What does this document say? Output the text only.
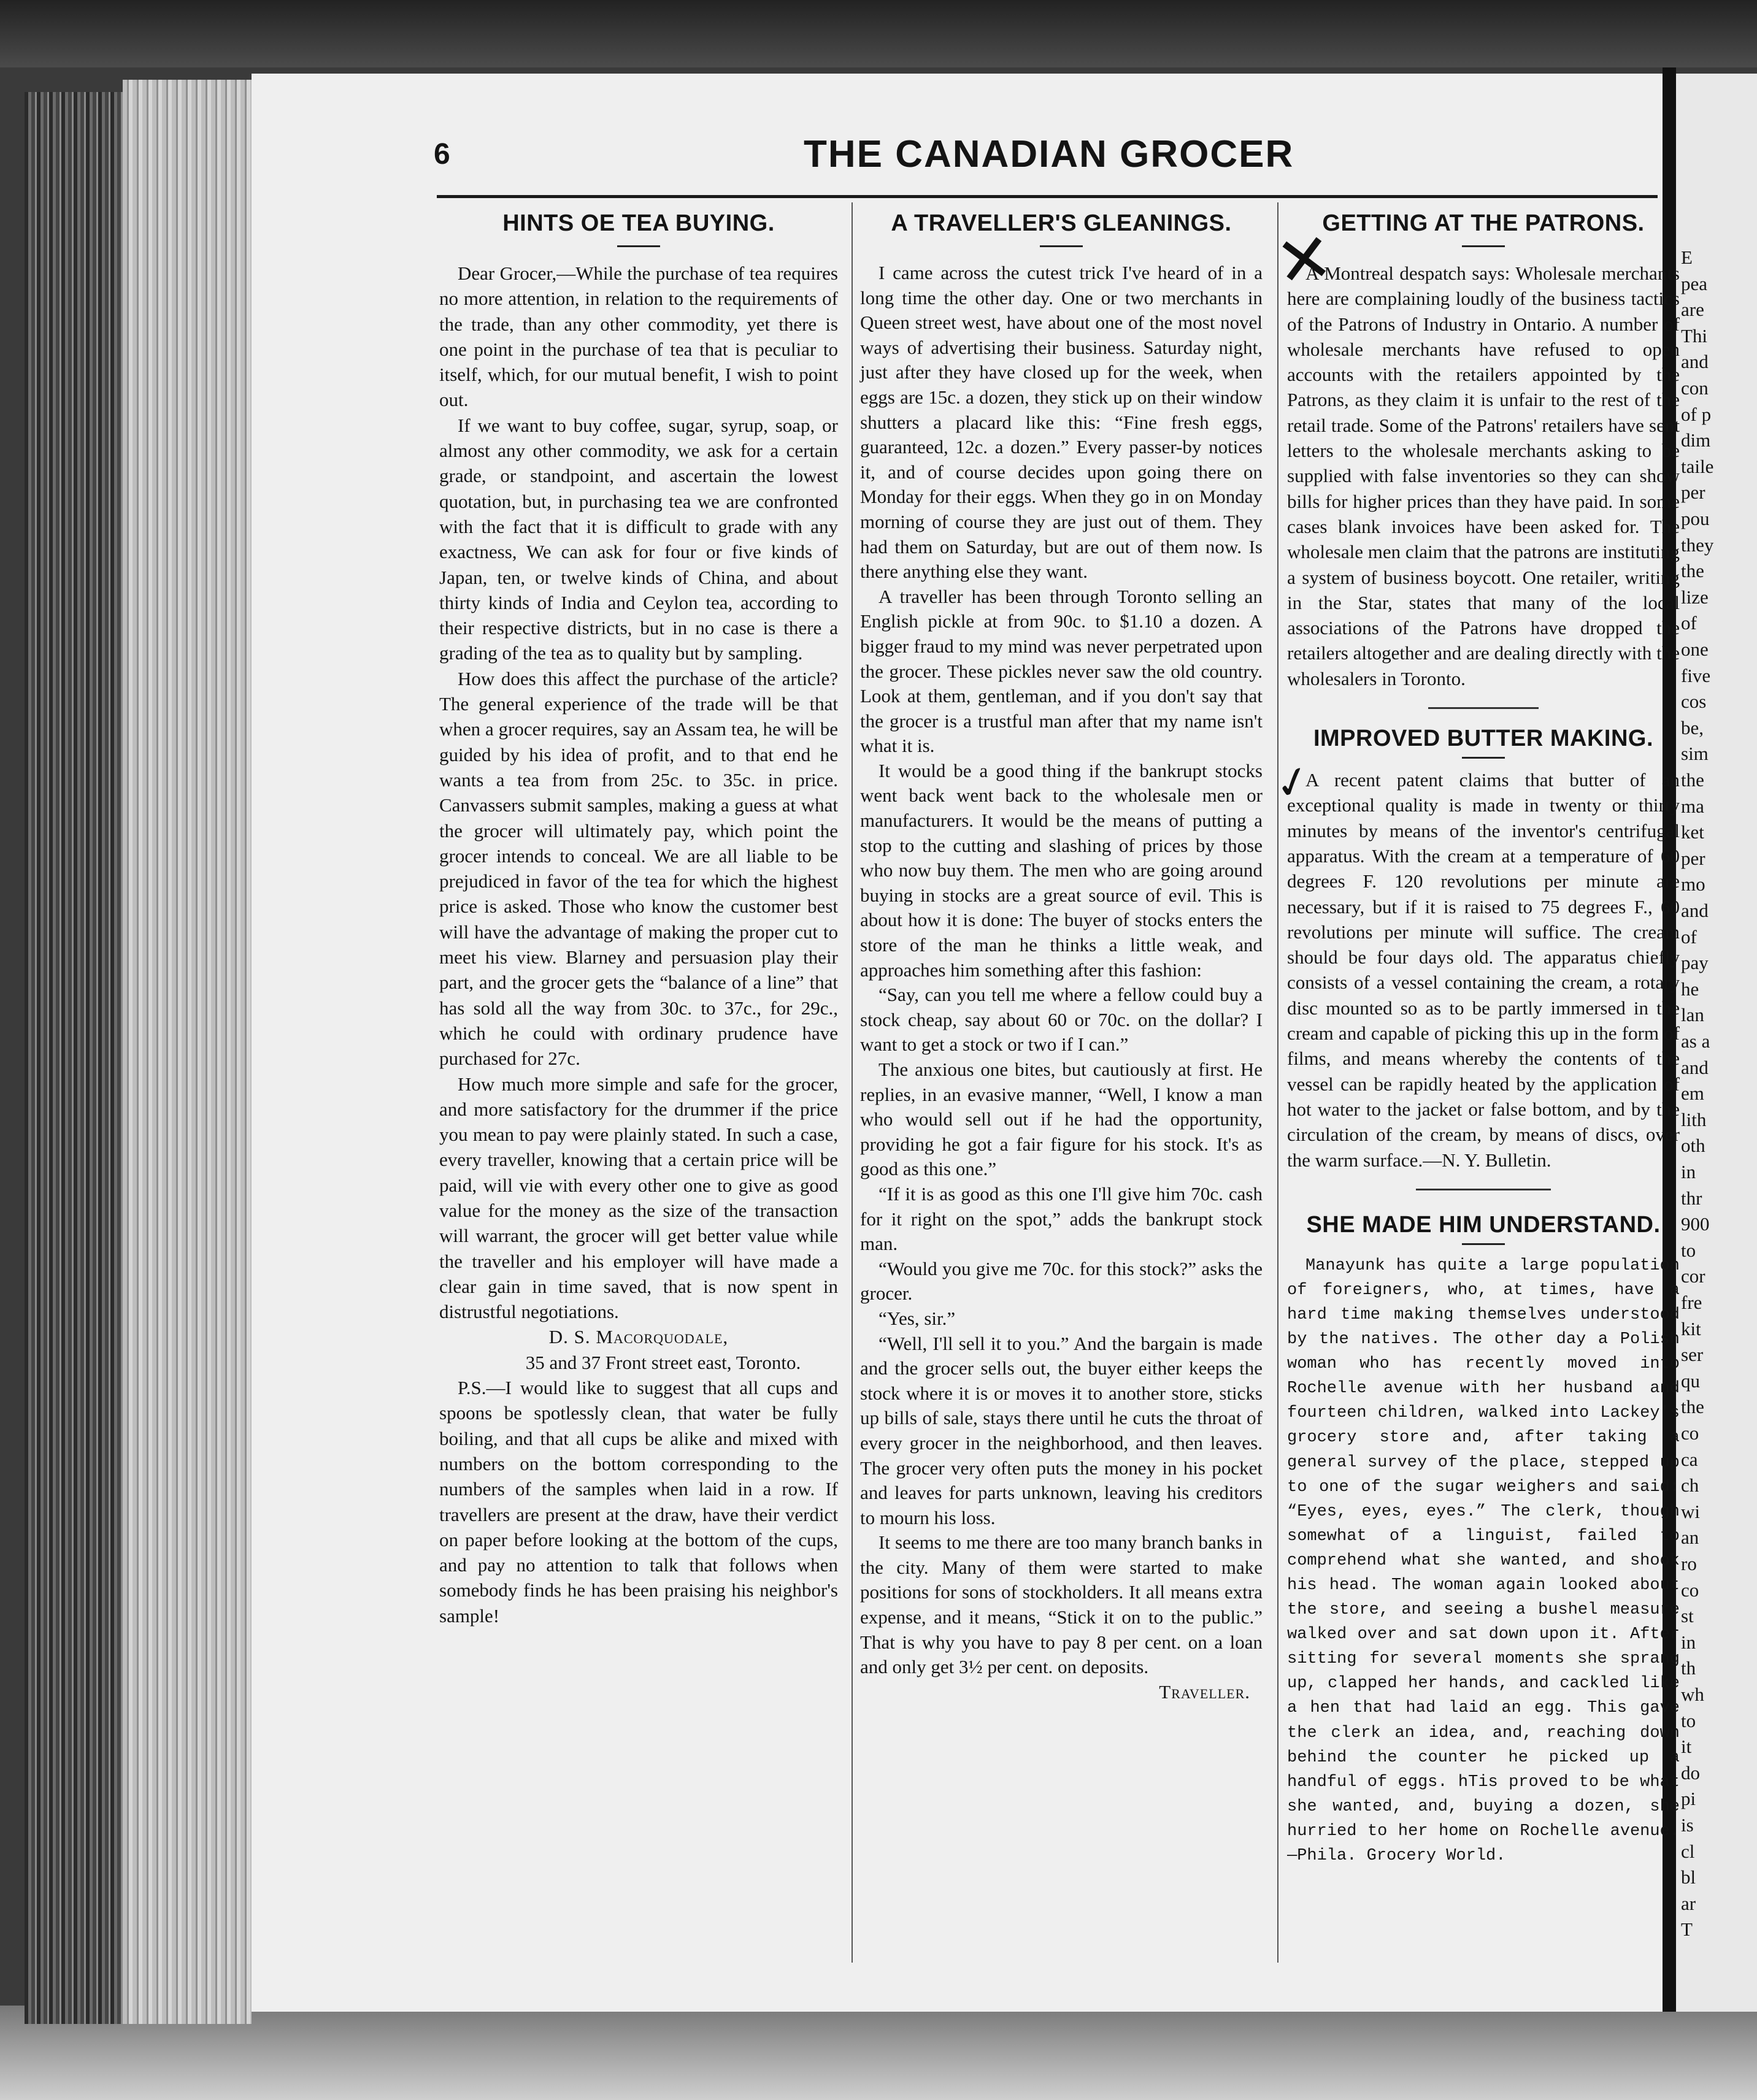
E
pea
are
Thi
and
con
of p
dim
taile
per
pou
they
the
lize
of
one
five
cos
be,
sim
the
ma
ket
per
mo
and
of
pay
he
lan
as a
and
em
lith
oth
in
thr
900
to
cor
fre
kit
ser
qu
the
co
ca
ch
wi
an
ro
co
st
in
th
wh
to
it
do
pi
is
cl
bl
ar
T
6	THE CANADIAN GROCER
HINTS OE TEA BUYING.

Dear Grocer,—While the purchase of tea requires no more attention, in relation to the requirements of the trade, than any other commodity, yet there is one point in the purchase of tea that is peculiar to itself, which, for our mutual benefit, I wish to point out.

If we want to buy coffee, sugar, syrup, soap, or almost any other commodity, we ask for a certain grade, or standpoint, and ascertain the lowest quotation, but, in purchasing tea we are confronted with the fact that it is difficult to grade with any exactness, We can ask for four or five kinds of Japan, ten, or twelve kinds of China, and about thirty kinds of India and Ceylon tea, according to their respective districts, but in no case is there a grading of the tea as to quality but by sampling.

How does this affect the purchase of the article? The general experience of the trade will be that when a grocer requires, say an Assam tea, he will be guided by his idea of profit, and to that end he wants a tea from from 25c. to 35c. in price. Canvassers submit samples, making a guess at what the grocer will ultimately pay, which point the grocer intends to conceal. We are all liable to be prejudiced in favor of the tea for which the highest price is asked. Those who know the customer best will have the advantage of making the proper cut to meet his view. Blarney and persuasion play their part, and the grocer gets the “balance of a line” that has sold all the way from 30c. to 37c., for 29c., which he could with ordinary prudence have purchased for 27c.

How much more simple and safe for the grocer, and more satisfactory for the drummer if the price you mean to pay were plainly stated. In such a case, every traveller, knowing that a certain price will be paid, will vie with every other one to give as good value for the money as the size of the transaction will warrant, the grocer will get better value while the traveller and his employer will have made a clear gain in time saved, that is now spent in distrustful negotiations.

D. S. Macorquodale,

35 and 37 Front street east, Toronto.

P.S.—I would like to suggest that all cups and spoons be spotlessly clean, that water be fully boiling, and that all cups be alike and mixed with numbers on the bottom corresponding to the numbers of the samples when laid in a row. If travellers are present at the draw, have their verdict on paper before looking at the bottom of the cups, and pay no attention to talk that follows when somebody finds he has been praising his neighbor's sample!

A TRAVELLER'S GLEANINGS.

I came across the cutest trick I've heard of in a long time the other day. One or two merchants in Queen street west, have about one of the most novel ways of advertising their business. Saturday night, just after they have closed up for the week, when eggs are 15c. a dozen, they stick up on their window shutters a placard like this: “Fine fresh eggs, guaranteed, 12c. a dozen.” Every passer-by notices it, and of course decides upon going there on Monday for their eggs. When they go in on Monday morning of course they are just out of them. They had them on Saturday, but are out of them now. Is there anything else they want.

A traveller has been through Toronto selling an English pickle at from 90c. to $1.10 a dozen. A bigger fraud to my mind was never perpetrated upon the grocer. These pickles never saw the old country. Look at them, gentleman, and if you don't say that the grocer is a trustful man after that my name isn't what it is.

It would be a good thing if the bankrupt stocks went back went back to the wholesale men or manufacturers. It would be the means of putting a stop to the cutting and slashing of prices by those who now buy them. The men who are going around buying in stocks are a great source of evil. This is about how it is done: The buyer of stocks enters the store of the man he thinks a little weak, and approaches him something after this fashion:

“Say, can you tell me where a fellow could buy a stock cheap, say about 60 or 70c. on the dollar? I want to get a stock or two if I can.”

The anxious one bites, but cautiously at first. He replies, in an evasive manner, “Well, I know a man who would sell out if he had the opportunity, providing he got a fair figure for his stock. It's as good as this one.”

“If it is as good as this one I'll give him 70c. cash for it right on the spot,” adds the bankrupt stock man.

“Would you give me 70c. for this stock?” asks the grocer.

“Yes, sir.”

“Well, I'll sell it to you.” And the bargain is made and the grocer sells out, the buyer either keeps the stock where it is or moves it to another store, sticks up bills of sale, stays there until he cuts the throat of every grocer in the neighborhood, and then leaves. The grocer very often puts the money in his pocket and leaves for parts unknown, leaving his creditors to mourn his loss.

It seems to me there are too many branch banks in the city. Many of them were started to make positions for sons of stockholders. It all means extra expense, and it means, “Stick it on to the public.” That is why you have to pay 8 per cent. on a loan and only get 3½ per cent. on deposits.

Traveller.

GETTING AT THE PATRONS.

A Montreal despatch says: Wholesale merchants here are complaining loudly of the business tactics of the Patrons of Industry in Ontario. A number of wholesale merchants have refused to open accounts with the retailers appointed by the Patrons, as they claim it is unfair to the rest of the retail trade. Some of the Patrons' retailers have sent letters to the wholesale merchants asking to be supplied with false inventories so they can show bills for higher prices than they have paid. In some cases blank invoices have been asked for. The wholesale men claim that the patrons are instituting a system of business boycott. One retailer, writing in the Star, states that many of the local associations of the Patrons have dropped the retailers altogether and are dealing directly with the wholesalers in Toronto.

IMPROVED BUTTER MAKING.

A recent patent claims that butter of an exceptional quality is made in twenty or thirty minutes by means of the inventor's centrifugal apparatus. With the cream at a temperature of 60 degrees F. 120 revolutions per minute are necessary, but if it is raised to 75 degrees F., 60 revolutions per minute will suffice. The cream should be four days old. The apparatus chiefly consists of a vessel containing the cream, a rotary disc mounted so as to be partly immersed in the cream and capable of picking this up in the form of films, and means whereby the contents of the vessel can be rapidly heated by the application of hot water to the jacket or false bottom, and by the circulation of the cream, by means of discs, over the warm surface.—N. Y. Bulletin.

SHE MADE HIM UNDERSTAND.

Manayunk has quite a large population of foreigners, who, at times, have a hard time making themselves understood by the natives. The other day a Polish woman who has recently moved into Rochelle avenue with her husband and fourteen children, walked into Lackey's grocery store and, after taking a general survey of the place, stepped up to one of the sugar weighers and said: “Eyes, eyes, eyes.” The clerk, though somewhat of a linguist, failed to comprehend what she wanted, and shook his head. The woman again looked about the store, and seeing a bushel measure walked over and sat down upon it. After sitting for several moments she sprang up, clapped her hands, and cackled like a hen that had laid an egg. This gave the clerk an idea, and, reaching down behind the counter he picked up a handful of eggs. hTis proved to be what she wanted, and, buying a dozen, she hurried to her home on Rochelle avenue.—Phila. Grocery World.

✕
✓
